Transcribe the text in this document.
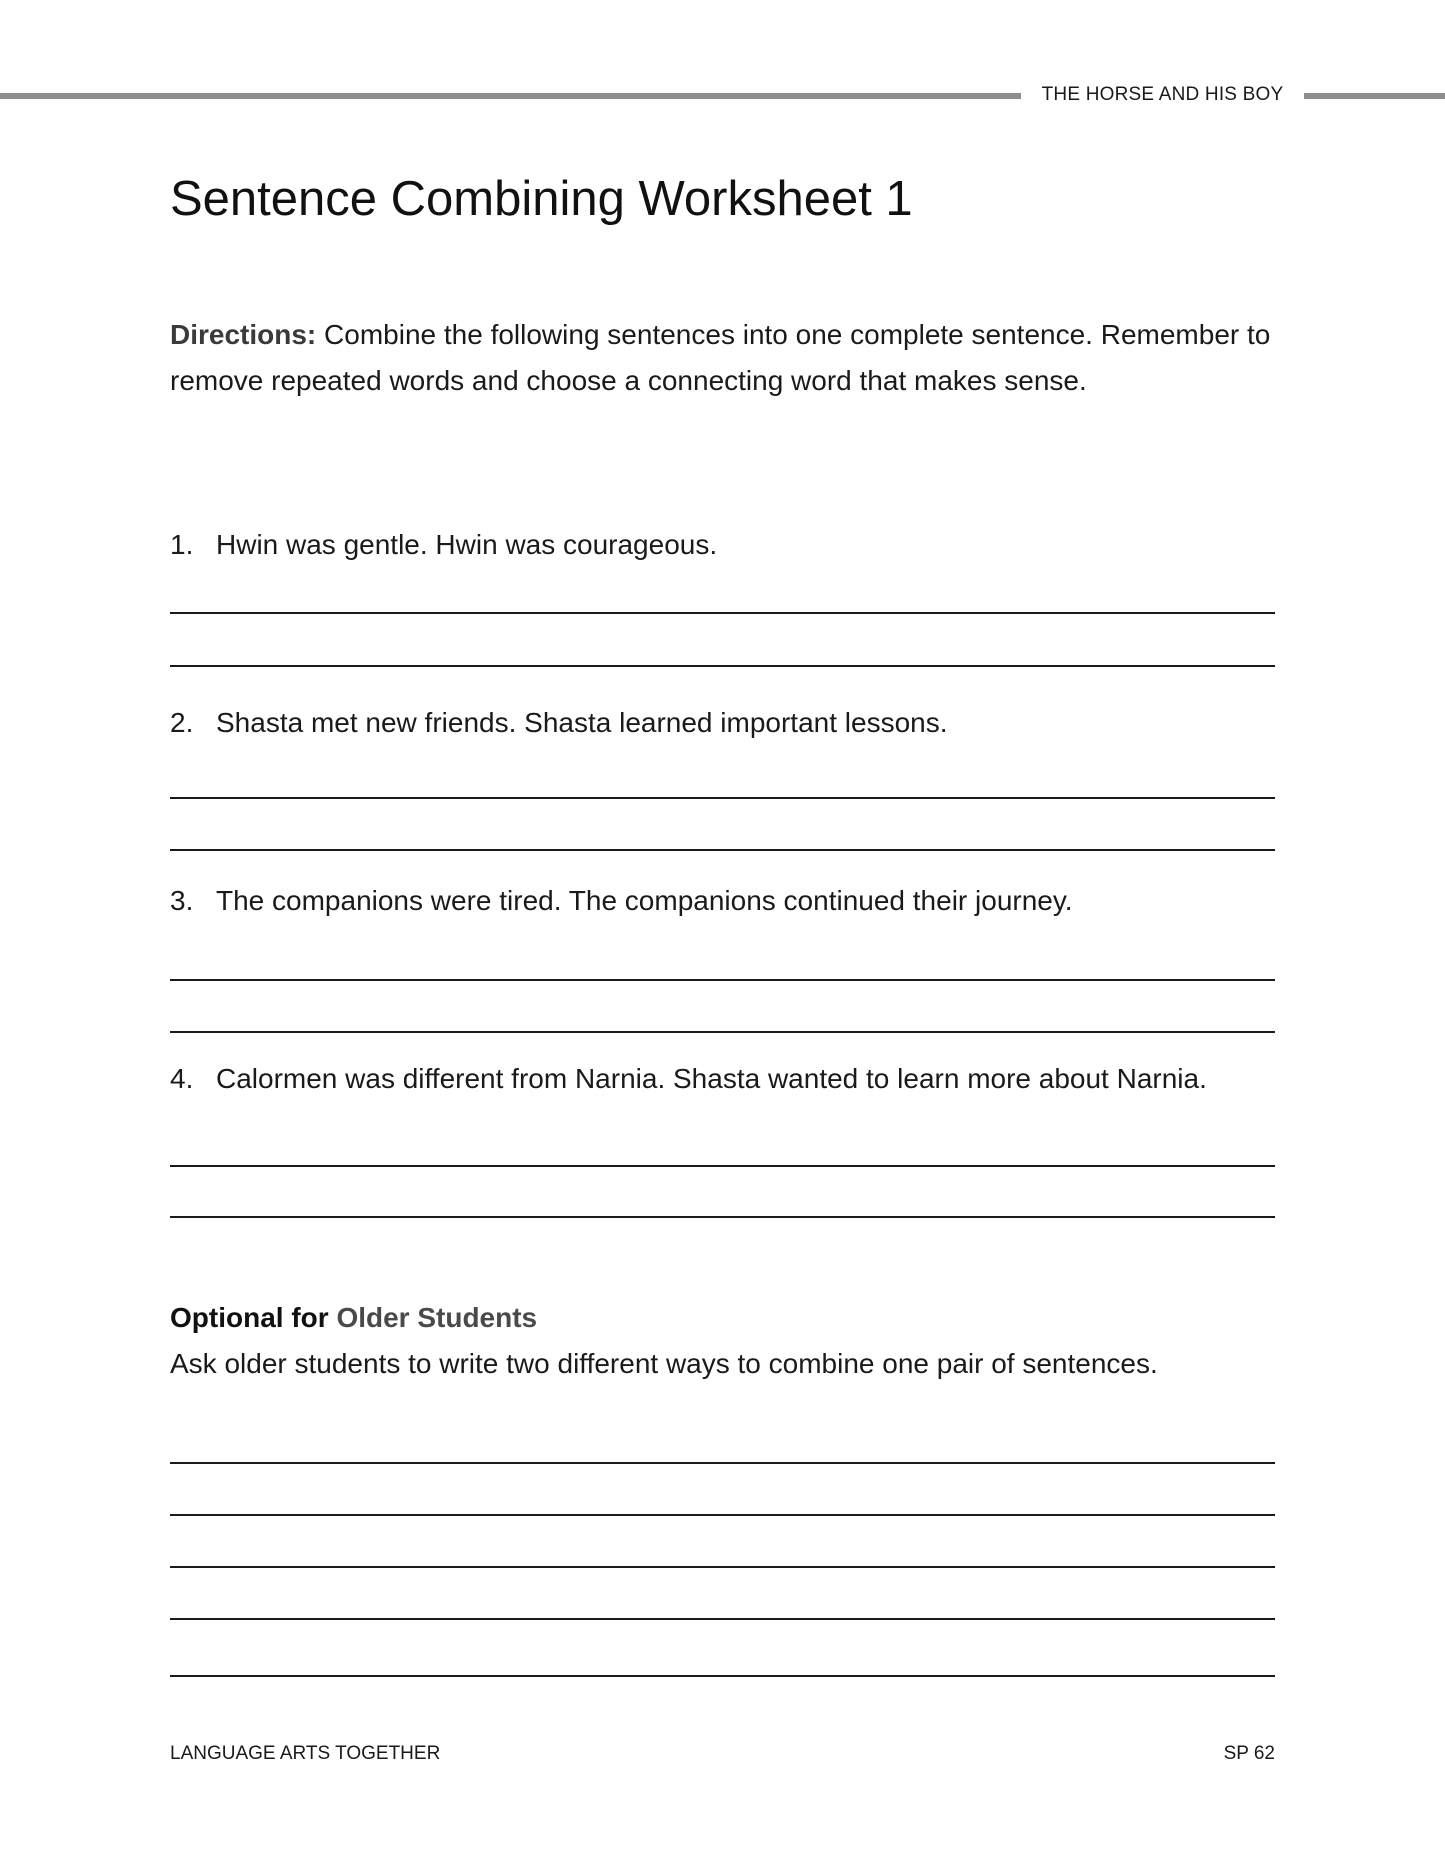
THE HORSE AND HIS BOY
Sentence Combining Worksheet 1
Directions: Combine the following sentences into one complete sentence. Remember to remove repeated words and choose a connecting word that makes sense.
1. Hwin was gentle. Hwin was courageous.
2. Shasta met new friends. Shasta learned important lessons.
3. The companions were tired. The companions continued their journey.
4. Calormen was different from Narnia. Shasta wanted to learn more about Narnia.
Optional for Older Students
Ask older students to write two different ways to combine one pair of sentences.
LANGUAGE ARTS TOGETHER	SP 62
